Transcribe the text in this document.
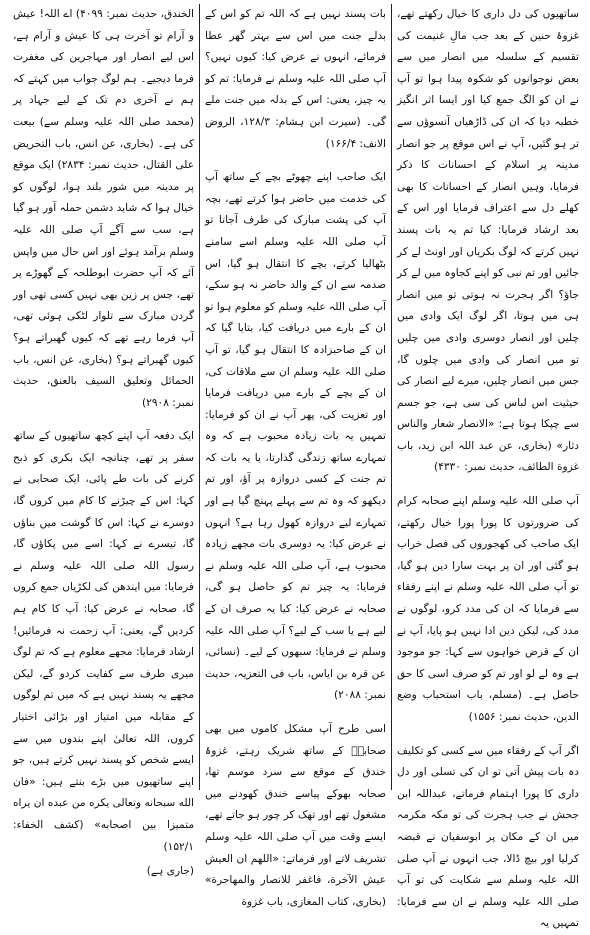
ساتھیوں کی دل داری کا خیال رکھتے تھے، غزوۂ حنین کے بعد جب مالِ غنیمت کی تقسیم کے سلسلہ میں انصار میں سے بعض نوجوانوں کو شکوہ پیدا ہوا تو آپ نے ان کو الگ جمع کیا اور ایسا اثر انگیز خطبہ دیا کہ ان کی ڈاڑھیاں آنسوؤں سے تر ہو گئیں، آپ نے اس موقع پر جو انصار مدینہ پر اسلام کے احسانات کا ذکر فرمایا، وہیں انصار کے احسانات کا بھی کھلے دل سے اعتراف فرمایا اور اس کے بعد ارشاد فرمایا: کیا تم یہ بات پسند نہیں کرتے کہ لوگ بکریاں اور اونٹ لے کر جائیں اور تم نبی کو اپنے کجاوہ میں لے کر جاؤ؟ اگر ہجرت نہ ہوتی تو میں انصار ہی میں ہوتا، اگر لوگ ایک وادی میں چلیں اور انصار دوسری وادی میں چلیں تو میں انصار کی وادی میں چلوں گا، جس میں انصار چلیں، میرے لیے انصار کی حیثیت اس لباس کی سی ہے، جو جسم سے چپکا ہوتا ہے: «الانصار شعار والناس دثار» (بخاری، عن عبد اللہ ابن زید، باب غزوة الطائف، حدیث نمبر: ۴۳۳۰)

آپ صلی اللہ علیہ وسلم اپنے صحابہ کرام کی ضرورتوں کا پورا پورا خیال رکھتے، ایک صاحب کی کھجوروں کی فصل خراب ہو گئی اور ان پر بہت سارا دین ہو گیا، تو آپ صلی اللہ علیہ وسلم نے اپنے رفقاء سے فرمایا کہ ان کی مدد کرو، لوگوں نے مدد کی، لیکن دین ادا نہیں ہو پایا، آپ نے ان کے قرض خواہوں سے کہا: جو موجود ہے وہ لے لو اور تم کو صرف اسی کا حق حاصل ہے۔ (مسلم، باب استحباب وضع الدین، حدیث نمبر: ۱۵۵۶)

اگر آپ کے رفقاء میں سے کسی کو تکلیف دہ بات پیش آتی تو ان کی تسلی اور دل داری کا پورا اہتمام فرماتے، عبداللہ ابن جحش نے جب ہجرت کی تو مکہ مکرمہ میں ان کے مکان پر ابوسفیان نے قبضہ کرلیا اور بیچ ڈالا، جب انہوں نے آپ صلی اللہ علیہ وسلم سے شکایت کی تو آپ صلی اللہ علیہ وسلم نے ان سے فرمایا: تمہیں یہ

بات پسند نہیں ہے کہ اللہ تم کو اس کے بدلے جنت میں اس سے بہتر گھر عطا فرمائے، انہوں نے عرض کیا: کیوں نہیں؟ آپ صلی اللہ علیہ وسلم نے فرمایا: تم کو یہ چیز، یعنی: اس کے بدلہ میں جنت ملے گی۔ (سیرت ابن ہشام: ۱۲۸/۳، الروض الانف: ۱۶۶/۴)

ایک صاحب اپنے چھوٹے بچے کے ساتھ آپ کی خدمت میں حاضر ہوا کرتے تھے، بچہ آپ کی پشت مبارک کی طرف آجاتا تو آپ صلی اللہ علیہ وسلم اسے سامنے بٹھالیا کرتے، بچے کا انتقال ہو گیا، اس صدمہ سے ان کے والد حاضر نہ ہو سکے، آپ صلی اللہ علیہ وسلم کو معلوم ہوا تو ان کے بارے میں دریافت کیا، بتایا گیا کہ ان کے صاحبزادہ کا انتقال ہو گیا، تو آپ صلی اللہ علیہ وسلم ان سے ملاقات کی، ان کے بچے کے بارے میں دریافت فرمایا اور تعزیت کی، پھر آپ نے ان کو فرمایا: تمہیں یہ بات زیادہ محبوب ہے کہ وہ تمہارے ساتھ زندگی گذارتا، یا یہ بات کہ تم جنت کے کسی دروازہ پر آؤ، اور تم دیکھو کہ وہ تم سے پہلے پہنچ گیا ہے اور تمہارے لیے دروازہ کھول رہا ہے؟ انہوں نے عرض کیا: یہ دوسری بات مجھے زیادہ محبوب ہے، آپ صلی اللہ علیہ وسلم نے فرمایا: یہ چیز تم کو حاصل ہو گی، صحابہ نے عرض کیا: کیا یہ صرف ان کے لیے ہے یا سب کے لیے؟ آپ صلی اللہ علیہ وسلم نے فرمایا: سبھوں کے لیے۔ (نسائی، عن قرہ بن ایاس، باب فی التعزیہ، حدیث نمبر: ۲۰۸۸)

اسی طرح آپ مشکل کاموں میں بھی صحابہؓ کے ساتھ شریک رہتے، غزوۂ خندق کے موقع سے سرد موسم تھا، صحابہ بھوکے پیاسے خندق کھودنے میں مشغول تھے اور تھک کر چور ہو جاتے تھے، ایسے وقت میں آپ صلی اللہ علیہ وسلم تشریف لاتے اور فرماتے: «اللهم ان العيش عيش الآخرة، فاغفر للانصار والمهاجرة» (بخاری، کتاب المغازی، باب غزوة

الخندق، حدیث نمبر: ۴۰۹۹) اے اللہ! عیش و آرام تو آخرت ہی کا عیش و آرام ہے، اس لیے انصار اور مہاجرین کی مغفرت فرما دیجیے۔ ہم لوگ جواب میں کہتے کہ ہم نے آخری دم تک کے لیے جہاد پر (محمد صلی اللہ علیہ وسلم سے) بیعت کی ہے۔ (بخاری، عن انس، باب التحریض علی القتال، حدیث نمبر: ۲۸۳۴) ایک موقع پر مدینہ میں شور بلند ہوا، لوگوں کو خیال ہوا کہ شاید دشمن حملہ آور ہو گیا ہے، سب سے آگے آپ صلی اللہ علیہ وسلم برآمد ہوئے اور اس حال میں واپس آئے کہ آپ حضرت ابوطلحہ کے گھوڑے پر تھے، جس پر زین بھی نہیں کسی تھی اور گردن مبارک سے تلوار لٹکی ہوئی تھی، آپ فرما رہے تھے کہ کیوں گھبراتے ہو؟ کیوں گھبراتے ہو؟ (بخاری، عن انس، باب الحمائل وتعلیق السیف بالعنق، حدیث نمبر: ۲۹۰۸)

ایک دفعہ آپ اپنے کچھ ساتھیوں کے ساتھ سفر پر تھے، چنانچہ ایک بکری کو ذبح کرنے کی بات طے پائی، ایک صحابی نے کہا: اس کے چیڑنے کا کام میں کروں گا، دوسرے نے کہا: اس کا گوشت میں بناؤں گا، تیسرے نے کہا: اسے میں پکاؤں گا، رسول اللہ صلی اللہ علیہ وسلم نے فرمایا: میں ایندھن کی لکڑیاں جمع کروں گا، صحابہ نے عرض کیا: آپ کا کام ہم کردیں گے، یعنی: آپ زحمت نہ فرمائیں! ارشاد فرمایا: مجھے معلوم ہے کہ تم لوگ میری طرف سے کفایت کردو گے، لیکن مجھے یہ پسند نہیں ہے کہ میں تم لوگوں کے مقابلہ میں امتیاز اور بڑائی اختیار کروں، اللہ تعالیٰ اپنے بندوں میں سے ایسے شخص کو پسند نہیں کرتے ہیں، جو اپنے ساتھیوں میں بڑے بنتے ہیں: «فان الله سبحانه وتعالى يكره من عبده ان يراه متميزا بين اصحابه» (کشف الخفاء: ۱۵۲/۱)

(جاری ہے)
